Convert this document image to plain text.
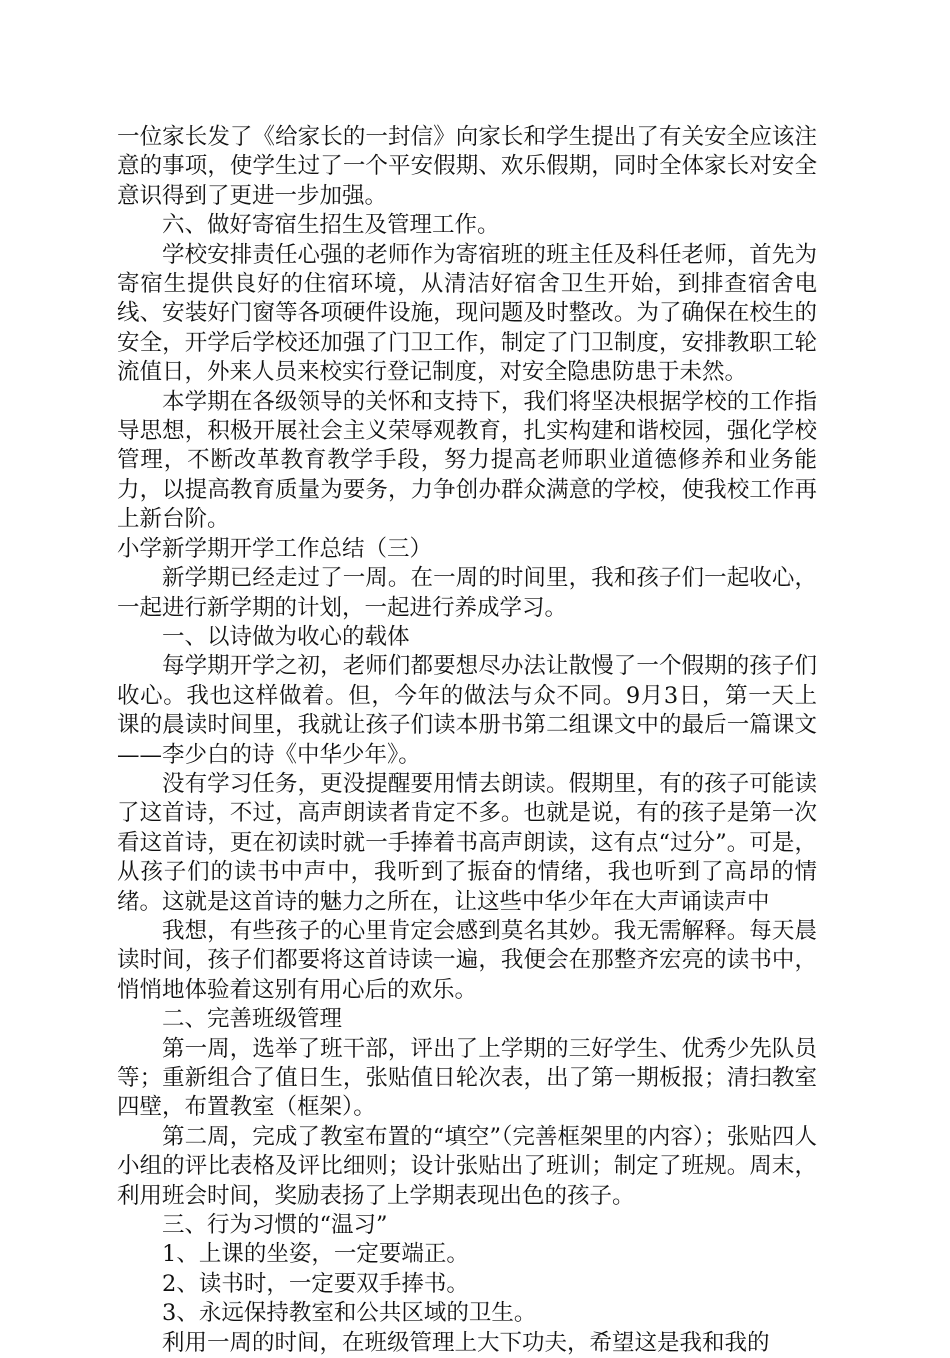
一位家长发了《给家长的一封信》向家长和学生提出了有关安全应该注意的事项，使学生过了一个平安假期、欢乐假期，同时全体家长对安全意识得到了更进一步加强。

六、做好寄宿生招生及管理工作。

学校安排责任心强的老师作为寄宿班的班主任及科任老师，首先为寄宿生提供良好的住宿环境，从清洁好宿舍卫生开始，到排查宿舍电线、安装好门窗等各项硬件设施，现问题及时整改。为了确保在校生的安全，开学后学校还加强了门卫工作，制定了门卫制度，安排教职工轮流值日，外来人员来校实行登记制度，对安全隐患防患于未然。

本学期在各级领导的关怀和支持下，我们将坚决根据学校的工作指导思想，积极开展社会主义荣辱观教育，扎实构建和谐校园，强化学校管理，不断改革教育教学手段，努力提高老师职业道德修养和业务能力，以提高教育质量为要务，力争创办群众满意的学校，使我校工作再上新台阶。

小学新学期开学工作总结（三）

新学期已经走过了一周。在一周的时间里，我和孩子们一起收心，一起进行新学期的计划，一起进行养成学习。

一、以诗做为收心的载体

每学期开学之初，老师们都要想尽办法让散慢了一个假期的孩子们收心。我也这样做着。但，今年的做法与众不同。9月3日，第一天上课的晨读时间里，我就让孩子们读本册书第二组课文中的最后一篇课文——李少白的诗《中华少年》。

没有学习任务，更没提醒要用情去朗读。假期里，有的孩子可能读了这首诗，不过，高声朗读者肯定不多。也就是说，有的孩子是第一次看这首诗，更在初读时就一手捧着书高声朗读，这有点“过分”。可是，从孩子们的读书中声中，我听到了振奋的情绪，我也听到了高昂的情绪。这就是这首诗的魅力之所在，让这些中华少年在大声诵读声中

我想，有些孩子的心里肯定会感到莫名其妙。我无需解释。每天晨读时间，孩子们都要将这首诗读一遍，我便会在那整齐宏亮的读书中，悄悄地体验着这别有用心后的欢乐。

二、完善班级管理

第一周，选举了班干部，评出了上学期的三好学生、优秀少先队员等；重新组合了值日生，张贴值日轮次表，出了第一期板报；清扫教室四壁，布置教室（框架）。

第二周，完成了教室布置的“填空”（完善框架里的内容）；张贴四人小组的评比表格及评比细则；设计张贴出了班训；制定了班规。周末，利用班会时间，奖励表扬了上学期表现出色的孩子。

三、行为习惯的“温习”

1、上课的坐姿，一定要端正。

2、读书时，一定要双手捧书。

3、永远保持教室和公共区域的卫生。

利用一周的时间，在班级管理上大下功夫，希望这是我和我的
